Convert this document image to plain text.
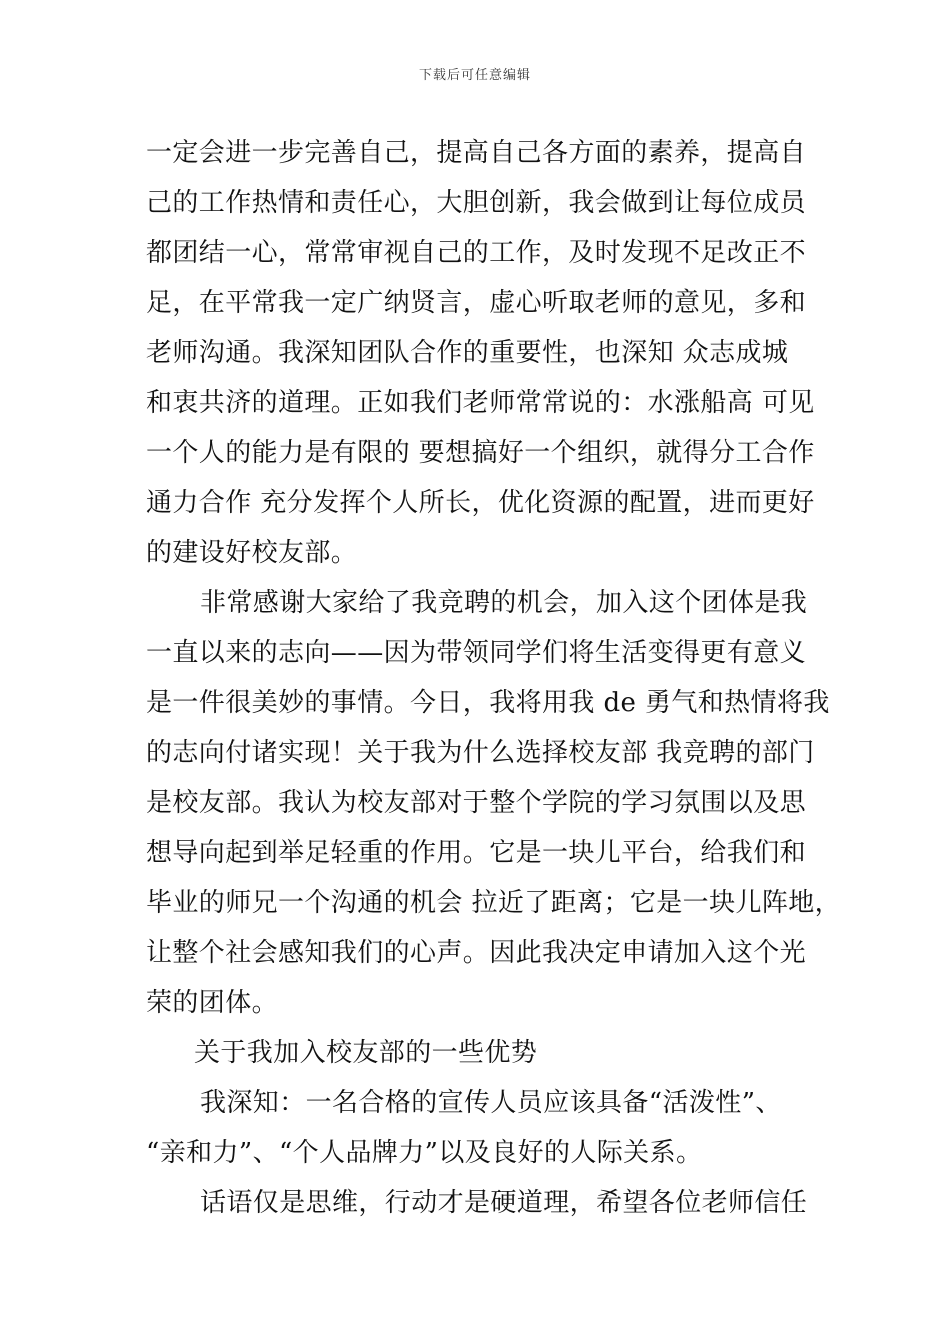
下载后可任意编辑
一定会进一步完善自己，提高自己各方面的素养，提高自
己的工作热情和责任心，大胆创新，我会做到让每位成员
都团结一心，常常审视自己的工作，及时发现不足改正不
足，在平常我一定广纳贤言，虚心听取老师的意见，多和
老师沟通。我深知团队合作的重要性，也深知 众志成城
和衷共济的道理。正如我们老师常常说的：水涨船高 可见
一个人的能力是有限的 要想搞好一个组织，就得分工合作
通力合作 充分发挥个人所长，优化资源的配置，进而更好
的建设好校友部。
非常感谢大家给了我竞聘的机会，加入这个团体是我
一直以来的志向——因为带领同学们将生活变得更有意义
是一件很美妙的事情。今日，我将用我 de 勇气和热情将我
的志向付诸实现！关于我为什么选择校友部 我竞聘的部门
是校友部。我认为校友部对于整个学院的学习氛围以及思
想导向起到举足轻重的作用。它是一块儿平台，给我们和
毕业的师兄一个沟通的机会 拉近了距离；它是一块儿阵地，
让整个社会感知我们的心声。因此我决定申请加入这个光
荣的团体。
关于我加入校友部的一些优势
我深知：一名合格的宣传人员应该具备“活泼性”、
“亲和力”、“个人品牌力”以及良好的人际关系。
话语仅是思维，行动才是硬道理，希望各位老师信任
